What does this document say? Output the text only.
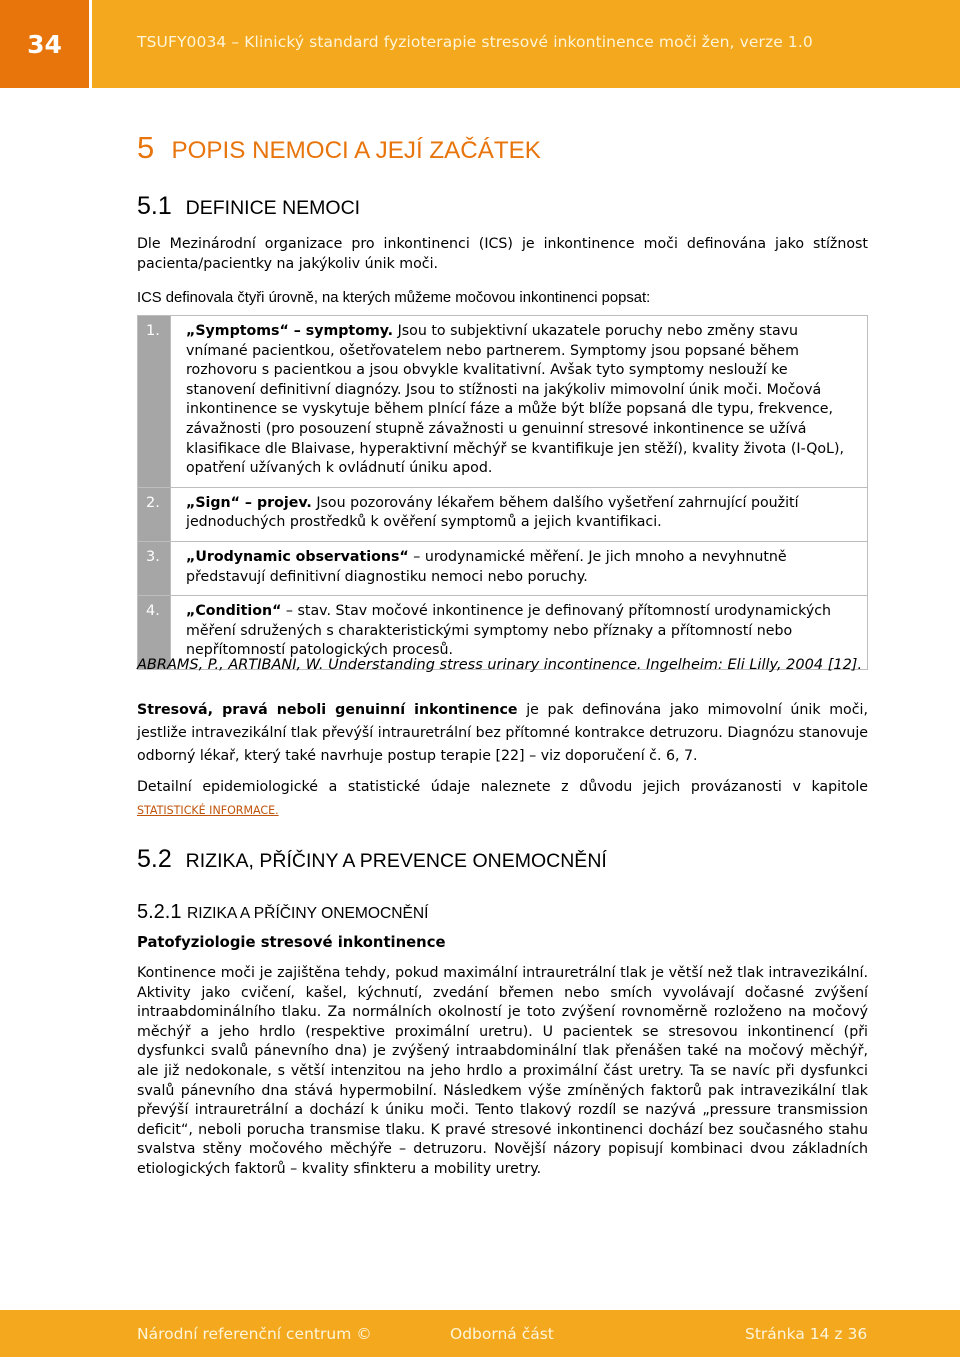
34	TSUFY0034 – Klinický standard fyzioterapie stresové inkontinence moči žen, verze 1.0
5 POPIS NEMOCI A JEJÍ ZAČÁTEK
5.1 DEFINICE NEMOCI
Dle Mezinárodní organizace pro inkontinenci (ICS) je inkontinence moči definována jako stížnost pacienta/pacientky na jakýkoliv únik moči.
ICS definovala čtyři úrovně, na kterých můžeme močovou inkontinenci popsat:
1.	„Symptoms“ – symptomy. Jsou to subjektivní ukazatele poruchy nebo změny stavu vnímané pacientkou, ošetřovatelem nebo partnerem. Symptomy jsou popsané během rozhovoru s pacientkou a jsou obvykle kvalitativní. Avšak tyto symptomy neslouží ke stanovení definitivní diagnózy. Jsou to stížnosti na jakýkoliv mimovolní únik moči. Močová inkontinence se vyskytuje během plnící fáze a může být blíže popsaná dle typu, frekvence, závažnosti (pro posouzení stupně závažnosti u genuinní stresové inkontinence se užívá klasifikace dle Blaivase, hyperaktivní měchýř se kvantifikuje jen stěží), kvality života (I-QoL), opatření užívaných k ovládnutí úniku apod.
2.	„Sign“ – projev. Jsou pozorovány lékařem během dalšího vyšetření zahrnující použití jednoduchých prostředků k ověření symptomů a jejich kvantifikaci.
3.	„Urodynamic observations“ – urodynamické měření. Je jich mnoho a nevyhnutně představují definitivní diagnostiku nemoci nebo poruchy.
4.	„Condition“ – stav. Stav močové inkontinence je definovaný přítomností urodynamických měření sdružených s charakteristickými symptomy nebo příznaky a přítomností nebo nepřítomností patologických procesů.
ABRAMS, P., ARTIBANI, W. Understanding stress urinary incontinence. Ingelheim: Eli Lilly, 2004 [12].
Stresová, pravá neboli genuinní inkontinence je pak definována jako mimovolní únik moči, jestliže intravezikální tlak převýší intrauretrální bez přítomné kontrakce detruzoru. Diagnózu stanovuje odborný lékař, který také navrhuje postup terapie [22] – viz doporučení č. 6, 7.
Detailní epidemiologické a statistické údaje naleznete z důvodu jejich provázanosti v kapitole STATISTICKÉ INFORMACE.
5.2 RIZIKA, PŘÍČINY A PREVENCE ONEMOCNĚNÍ
5.2.1 RIZIKA A PŘÍČINY ONEMOCNĚNÍ
Patofyziologie stresové inkontinence
Kontinence moči je zajištěna tehdy, pokud maximální intrauretrální tlak je větší než tlak intravezikální. Aktivity jako cvičení, kašel, kýchnutí, zvedání břemen nebo smích vyvolávají dočasné zvýšení intraabdominálního tlaku. Za normálních okolností je toto zvýšení rovnoměrně rozloženo na močový měchýř a jeho hrdlo (respektive proximální uretru). U pacientek se stresovou inkontinencí (při dysfunkci svalů pánevního dna) je zvýšený intraabdominální tlak přenášen také na močový měchýř, ale již nedokonale, s větší intenzitou na jeho hrdlo a proximální část uretry. Ta se navíc při dysfunkci svalů pánevního dna stává hypermobilní. Následkem výše zmíněných faktorů pak intravezikální tlak převýší intrauretrální a dochází k úniku moči. Tento tlakový rozdíl se nazývá „pressure transmission deficit“, neboli porucha transmise tlaku. K pravé stresové inkontinenci dochází bez současného stahu svalstva stěny močového měchýře – detruzoru. Novější názory popisují kombinaci dvou základních etiologických faktorů – kvality sfinkteru a mobility uretry.
Národní referenční centrum ©	Odborná část	Stránka 14 z 36
